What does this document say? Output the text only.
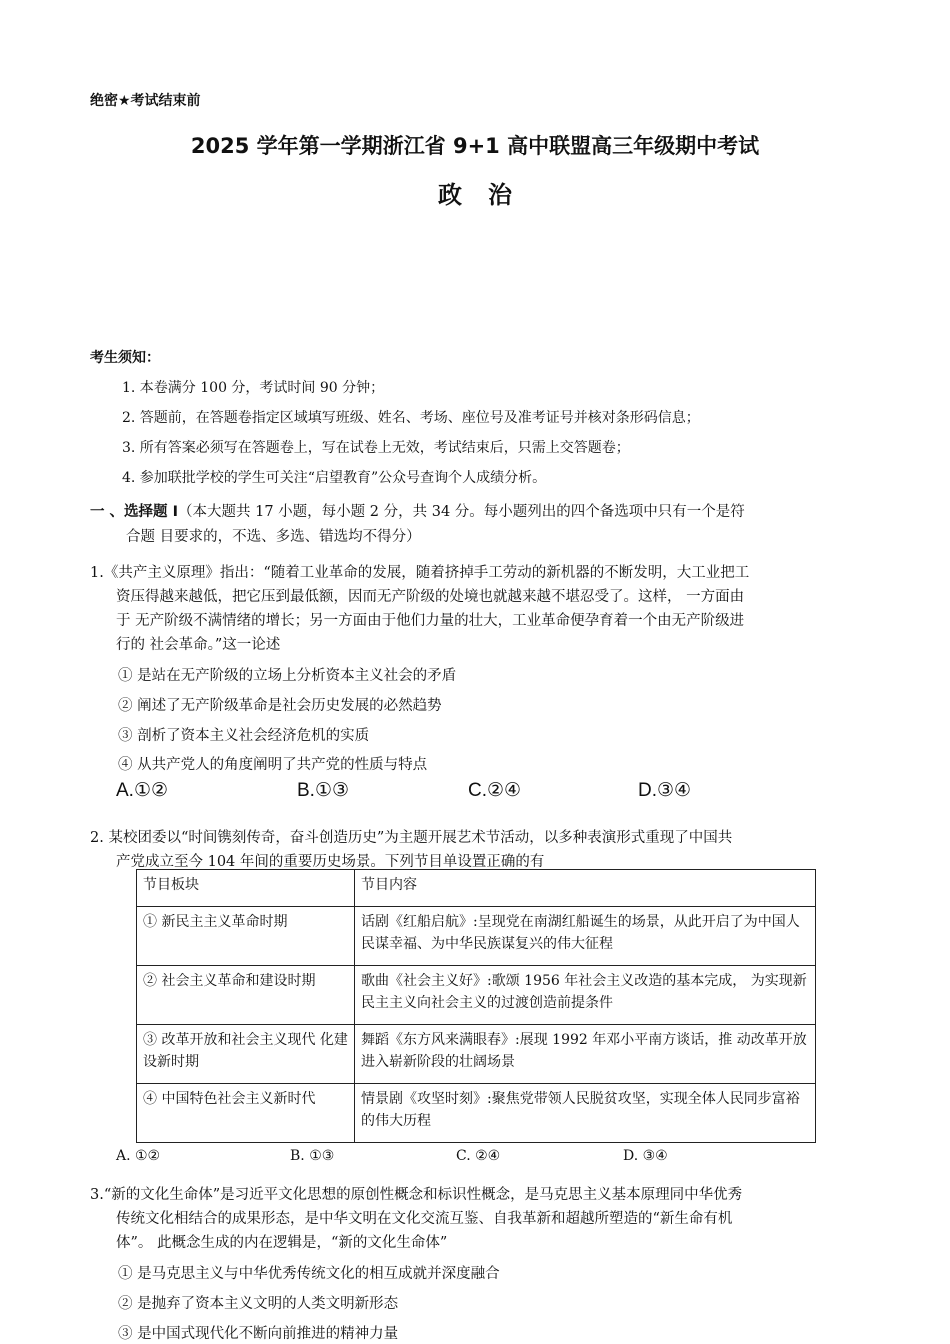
绝密★考试结束前
2025 学年第一学期浙江省 9+1 高中联盟高三年级期中考试
政治
考生须知：
1. 本卷满分 100 分，考试时间 90 分钟；
2. 答题前，在答题卷指定区域填写班级、姓名、考场、座位号及准考证号并核对条形码信息；
3. 所有答案必须写在答题卷上，写在试卷上无效，考试结束后，只需上交答题卷；
4. 参加联批学校的学生可关注“启望教育”公众号查询个人成绩分析。
一 、选择题 I（本大题共 17 小题，每小题 2 分，共 34 分。每小题列出的四个备选项中只有一个是符
合题 目要求的，不选、多选、错选均不得分）
1.《共产主义原理》指出：“随着工业革命的发展，随着挤掉手工劳动的新机器的不断发明，大工业把工
资压得越来越低，把它压到最低额，因而无产阶级的处境也就越来越不堪忍受了。这样， 一方面由
于 无产阶级不满情绪的增长；另一方面由于他们力量的壮大，工业革命便孕育着一个由无产阶级进
行的 社会革命。”这一论述
① 是站在无产阶级的立场上分析资本主义社会的矛盾
② 阐述了无产阶级革命是社会历史发展的必然趋势
③ 剖析了资本主义社会经济危机的实质
④ 从共产党人的角度阐明了共产党的性质与特点
A.①②	B.①③	C.②④	D.③④
2. 某校团委以“时间镌刻传奇，奋斗创造历史”为主题开展艺术节活动，以多种表演形式重现了中国共
产党成立至今 104 年间的重要历史场景。下列节目单设置正确的有
节目板块	节目内容
① 新民主主义革命时期	话剧《红船启航》:呈现党在南湖红船诞生的场景，从此开启了为中国人民谋幸福、为中华民族谋复兴的伟大征程
② 社会主义革命和建设时期	歌曲《社会主义好》:歌颂 1956 年社会主义改造的基本完成， 为实现新民主主义向社会主义的过渡创造前提条件
③ 改革开放和社会主义现代 化建设新时期	舞蹈《东方风来满眼春》:展现 1992 年邓小平南方谈话，推 动改革开放进入崭新阶段的壮阔场景
④ 中国特色社会主义新时代	情景剧《攻坚时刻》:聚焦党带领人民脱贫攻坚，实现全体人民同步富裕的伟大历程
A. ①②	B. ①③	C. ②④	D. ③④
3.“新的文化生命体”是习近平文化思想的原创性概念和标识性概念，是马克思主义基本原理同中华优秀
传统文化相结合的成果形态，是中华文明在文化交流互鉴、自我革新和超越所塑造的“新生命有机
体”。 此概念生成的内在逻辑是，“新的文化生命体”
① 是马克思主义与中华优秀传统文化的相互成就并深度融合
② 是抛弃了资本主义文明的人类文明新形态
③ 是中国式现代化不断向前推进的精神力量
